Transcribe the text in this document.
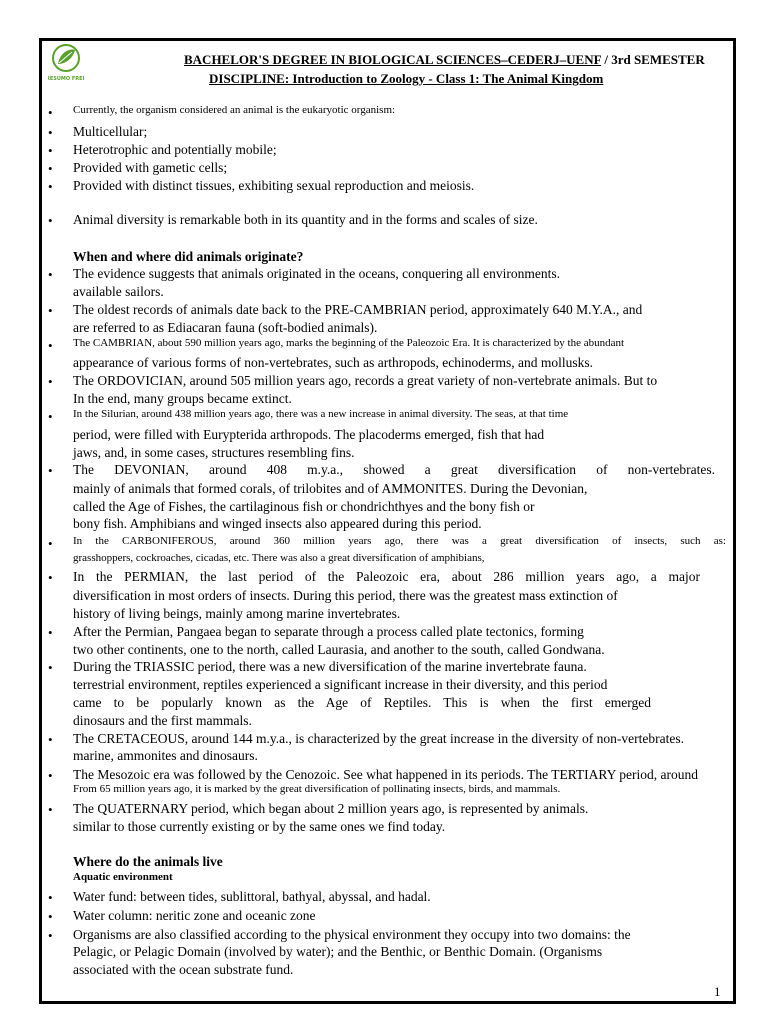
RESUMO FREE
BACHELOR'S DEGREE IN BIOLOGICAL SCIENCES–CEDERJ–UENF / 3rd SEMESTER
DISCIPLINE: Introduction to Zoology - Class 1: The Animal Kingdom
• Currently, the organism considered an animal is the eukaryotic organism:
• Multicellular;
• Heterotrophic and potentially mobile;
• Provided with gametic cells;
• Provided with distinct tissues, exhibiting sexual reproduction and meiosis.
• Animal diversity is remarkable both in its quantity and in the forms and scales of size.
When and where did animals originate?
• The evidence suggests that animals originated in the oceans, conquering all environments.
available sailors.
• The oldest records of animals date back to the PRE-CAMBRIAN period, approximately 640 M.Y.A., and
are referred to as Ediacaran fauna (soft-bodied animals).
• The CAMBRIAN, about 590 million years ago, marks the beginning of the Paleozoic Era. It is characterized by the abundant
appearance of various forms of non-vertebrates, such as arthropods, echinoderms, and mollusks.
• The ORDOVICIAN, around 505 million years ago, records a great variety of non-vertebrate animals. But to
In the end, many groups became extinct.
• In the Silurian, around 438 million years ago, there was a new increase in animal diversity. The seas, at that time
period, were filled with Eurypterida arthropods. The placoderms emerged, fish that had
jaws, and, in some cases, structures resembling fins.
• The DEVONIAN, around 408 m.y.a., showed a great diversification of non-vertebrates.
mainly of animals that formed corals, of trilobites and of AMMONITES. During the Devonian,
called the Age of Fishes, the cartilaginous fish or chondrichthyes and the bony fish or
bony fish. Amphibians and winged insects also appeared during this period.
• In the CARBONIFEROUS, around 360 million years ago, there was a great diversification of insects, such as:
grasshoppers, cockroaches, cicadas, etc. There was also a great diversification of amphibians,
• In the PERMIAN, the last period of the Paleozoic era, about 286 million years ago, a major
diversification in most orders of insects. During this period, there was the greatest mass extinction of
history of living beings, mainly among marine invertebrates.
• After the Permian, Pangaea began to separate through a process called plate tectonics, forming
two other continents, one to the north, called Laurasia, and another to the south, called Gondwana.
• During the TRIASSIC period, there was a new diversification of the marine invertebrate fauna.
terrestrial environment, reptiles experienced a significant increase in their diversity, and this period
came to be popularly known as the Age of Reptiles. This is when the first emerged
dinosaurs and the first mammals.
• The CRETACEOUS, around 144 m.y.a., is characterized by the great increase in the diversity of non-vertebrates.
marine, ammonites and dinosaurs.
• The Mesozoic era was followed by the Cenozoic. See what happened in its periods. The TERTIARY period, around
From 65 million years ago, it is marked by the great diversification of pollinating insects, birds, and mammals.
• The QUATERNARY period, which began about 2 million years ago, is represented by animals.
similar to those currently existing or by the same ones we find today.
Where do the animals live
Aquatic environment
• Water fund: between tides, sublittoral, bathyal, abyssal, and hadal.
• Water column: neritic zone and oceanic zone
• Organisms are also classified according to the physical environment they occupy into two domains: the
Pelagic, or Pelagic Domain (involved by water); and the Benthic, or Benthic Domain. (Organisms
associated with the ocean substrate fund.
1
